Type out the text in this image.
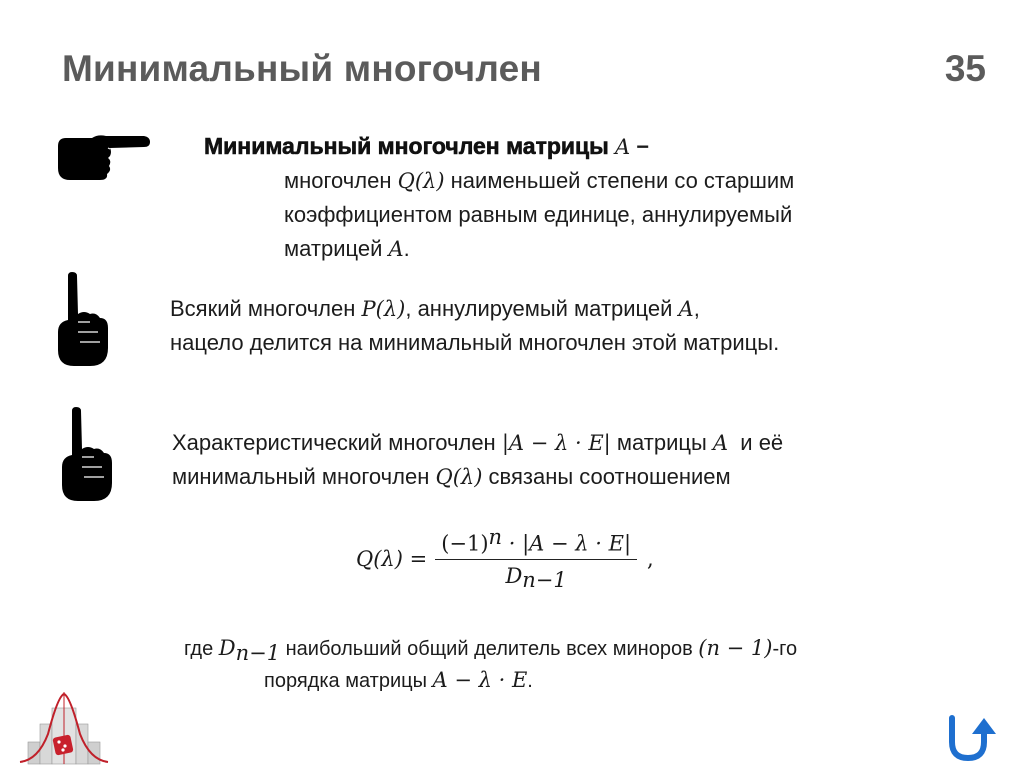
Минимальный многочлен	35
Минимальный многочлен матрицы A −
многочлен Q(λ) наименьшей степени со старшим
коэффициентом равным единице, аннулируемый
матрицей A.
Всякий многочлен P(λ), аннулируемый матрицей A,
нацело делится на минимальный многочлен этой матрицы.
Характеристический многочлен |A − λ · E| матрицы A  и её
минимальный многочлен Q(λ) связаны соотношением
$Q(\lambda) = \frac{(-1)^n \cdot |A - \lambda \cdot E|}{D_{n-1}}$ ,
где $D_{n-1}$ наибольший общий делитель всех миноров (n − 1)-го
порядка матрицы A − λ · E.
